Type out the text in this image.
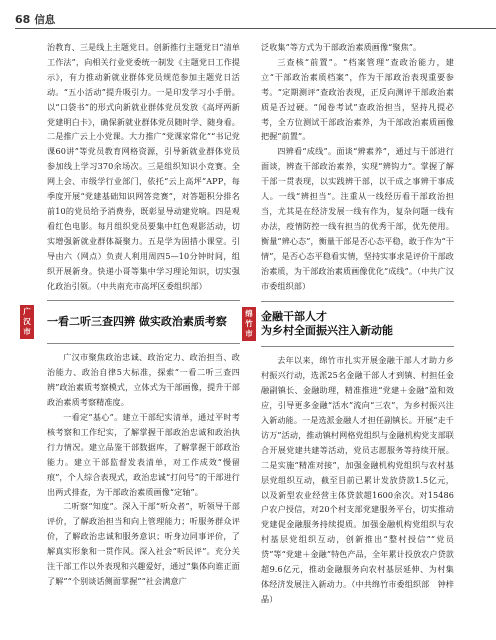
68 信息

治教育、三是线上主题党日。创新推行主题党日“清单工作法”，向相关行业党委统一制发《主题党日工作提示》，有力推动新就业群体党员规范参加主题党日活动。“五小活动”提升吸引力。一是印发学习小手册。以“口袋书”的形式向新就业群体党员发放《高坪两新党建明白卡》，确保新就业群体党员随时学、随身看。二是推广云上小党课。大力推广“党课家常化”“书记党课60讲”等党员教育网格资源，引导新就业群体党员参加线上学习370余场次。三是组织知识小竞赛。全网上会、市级学行业部门，依托“云上高坪”APP，每季度开展“党建基础知识网答竞赛”，对答题积分排名前10的党员给予消费券，既彰显导动建党响。四是观看红色电影。每月组织党员要集中红色观影活动，切实增强新就业群体凝聚力。五是学为固措小课堂。引导由六（网点）负责人利用周四5—10分钟时间，组织开展新身。快递小哥等集中学习理论知识，切实强化政治引领。（中共南充市高坪区委组织部）

广汉市
一看二听三查四辨 做实政治素质考察

广汉市聚焦政治忠诚、政治定力、政治担当、政治能力、政治自律5大标准，探索“一看二听三查四辨”政治素质考察模式，立体式为干部画像，提升干部政治素质考察精准度。

一看定“基心”。建立干部纪实清单，通过平时考核考察和工作纪实，了解掌握干部政治忠诚和政治执行力情况。建立品鉴干部数据库，了解掌握干部政治能力。建立干部监督发表清单，对工作成效“慢留痕”，个人综合表现式，政治忠诚“打问号”的干部进行出两式排查，为干部政治素质画像“定轴”。

二听察“知度”。深入干部“听众者”，听领导干部评价，了解政治担当和向上管理能力；听服务群众评价，了解政治忠诚和服务意识；听身边同事评价，了解真实形象和一贯作风。深入社会“听民评”。充分关注干部工作以外表现和兴趣爱好，通过“集体向谁正面了解”“个别谈话侧面掌握”“社会满意广

泛收集”等方式为干部政治素质画像“聚焦”。

三查核“前置”。“档案管理”查政治能力，建立“干部政治素质档案”，作为干部政治表现重要参考。“定期测评”查政治表现，正反向测评干部政治素质是否过硬。“闻卷考试”查政治担当，坚持凡提必考，全方位测试干部政治素养，为干部政治素质画像把握“前置”。

四辨看“成线”。面谈“辨素养”，通过与干部进行面谈，辨查干部政治素养，实现“辨钩力”。掌握了解干部一贯表现，以实践辨干部，以干成之事辨干事成人。一线“辨担当”。注重从一线经历看干部政治担当，尤其是在经济发展一线有作为，复杂问题一线有办法，疫情防控一线有担当的优秀干部，优先使用。衡量“辨心态”，衡量干部是否心态平稳，敢于作为“干情”，是否心态平稳看实情，坚持实事求是评价干部政治素质，为干部政治素质画像优化“成线”。（中共广汉市委组织部）

绵竹市
金融干部人才
为乡村全面振兴注入新动能

去年以来，绵竹市扎实开展金融干部人才助力乡村振兴行动，选派25名金融干部人才到镇、村担任金融副镇长、金融助理，精准推进“党建＋金融”盈和效应，引导更多金融“活水”流向“三农”，为乡村振兴注入新动能。一是选派金融人才担任副镇长。开展“走千访万”活动，推动镇村网格党组织与金融机构党支部联合开展党建共建等活动，党员志愿服务等持续开展。二是实施“精准对接”，加强金融机构党组织与农村基层党组织互动，截至目前已累计发放贷款1.5亿元，以及新型农业经营主体贷款超1600余次。对15486户农户授信，对20个村支部党建服务平台，切实推动党建促金融服务持续提质。加强金融机构党组织与农村基层党组织互动，创新推出“整村授信”“党员贷”等“党建＋金融”特色产品，全年累计投放农户贷款超9.6亿元，推动金融服务向农村基层延伸、为村集体经济发展注入新动力。（中共绵竹市委组织部　钟梓晶）
